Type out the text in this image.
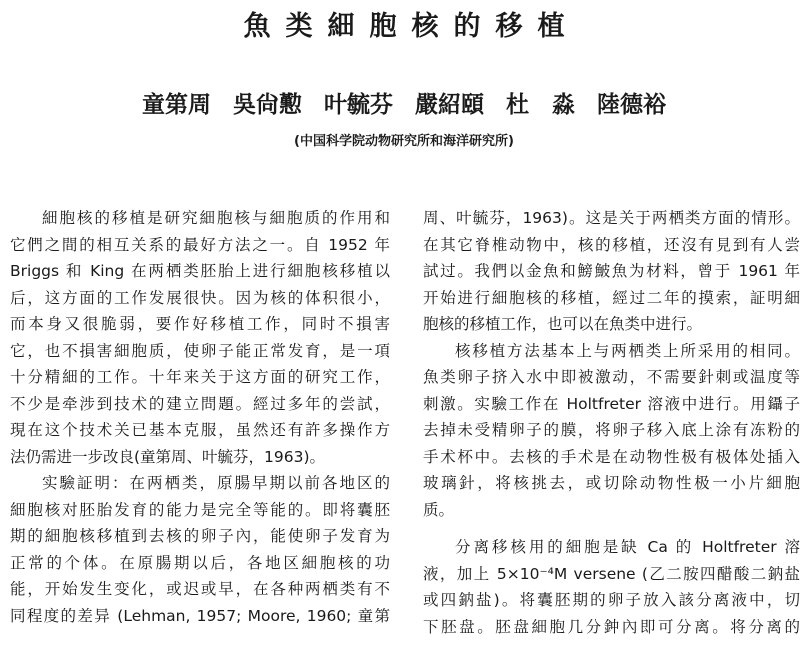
魚类細胞核的移植
童第周 吳尙懃 叶毓芬 嚴紹頤 杜　淼 陸德裕
(中国科学院动物研究所和海洋研究所)
細胞核的移植是研究細胞核与細胞质的作用和
它們之間的相互关系的最好方法之一。自 1952 年
Briggs 和 King 在两栖类胚胎上进行細胞核移植以
后，这方面的工作发展很快。因为核的体积很小，
而本身又很脆弱，要作好移植工作，同时不損害
它，也不損害細胞质，使卵子能正常发育，是一項
十分精細的工作。十年来关于这方面的研究工作，
不少是牵涉到技术的建立問題。經过多年的尝試，
現在这个技术关已基本克服，虽然还有許多操作方
法仍需进一步改良(童第周、叶毓芬，1963)。
实驗証明：在两栖类，原腸早期以前各地区的
細胞核对胚胎发育的能力是完全等能的。即将囊胚
期的細胞核移植到去核的卵子內，能使卵子发育为
正常的个体。在原腸期以后，各地区細胞核的功
能，开始发生变化，或迟或早，在各种两栖类有不
同程度的差异 (Lehman, 1957; Moore, 1960; 童第
周、叶毓芬，1963)。这是关于两栖类方面的情形。
在其它脊椎动物中，核的移植，还沒有見到有人尝
試过。我們以金魚和鰟鮍魚为材料，曾于 1961 年
开始进行細胞核的移植，經过二年的摸索，証明細
胞核的移植工作，也可以在魚类中进行。
核移植方法基本上与两栖类上所采用的相同。
魚类卵子挤入水中即被激动，不需要針刺或温度等
刺激。实驗工作在 Holtfreter 溶液中进行。用鑷子
去掉未受精卵子的膜，将卵子移入底上涂有冻粉的
手术杯中。去核的手术是在动物性极有极体处插入
玻璃針，将核挑去，或切除动物性极一小片細胞
质。
分离移核用的細胞是缺 Ca 的 Holtfreter 溶
液，加上 5×10⁻⁴M versene (乙二胺四醋酸二鈉盐
或四鈉盐)。将囊胚期的卵子放入該分离液中，切
下胚盘。胚盘細胞几分鈡內即可分离。将分离的
